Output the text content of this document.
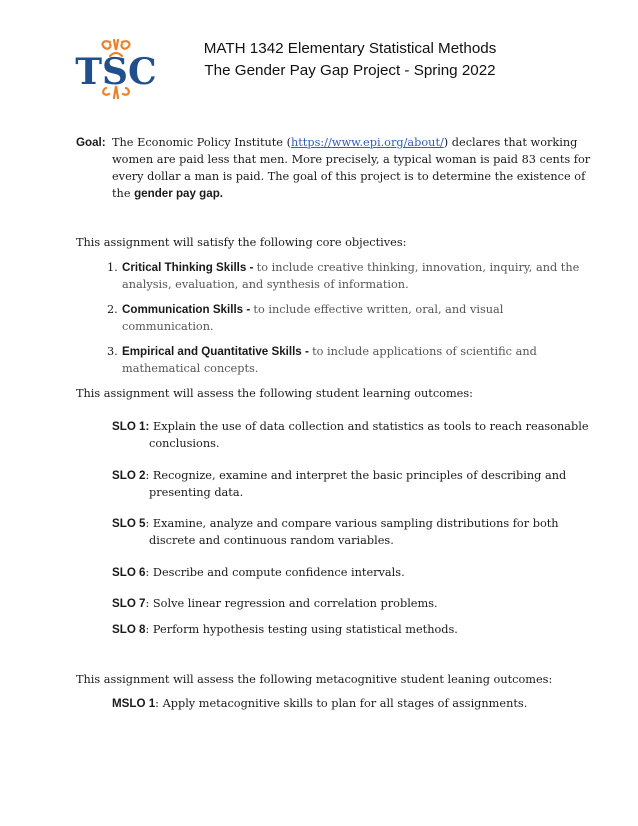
TSC
MATH 1342 Elementary Statistical Methods
The Gender Pay Gap Project - Spring 2022
Goal: The Economic Policy Institute (https://www.epi.org/about/) declares that working
women are paid less that men. More precisely, a typical woman is paid 83 cents for
every dollar a man is paid. The goal of this project is to determine the existence of
the gender pay gap.
This assignment will satisfy the following core objectives:
1. Critical Thinking Skills - to include creative thinking, innovation, inquiry, and the
analysis, evaluation, and synthesis of information.
2. Communication Skills - to include effective written, oral, and visual
communication.
3. Empirical and Quantitative Skills - to include applications of scientific and
mathematical concepts.
This assignment will assess the following student learning outcomes:
SLO 1: Explain the use of data collection and statistics as tools to reach reasonable
conclusions.
SLO 2: Recognize, examine and interpret the basic principles of describing and
presenting data.
SLO 5: Examine, analyze and compare various sampling distributions for both
discrete and continuous random variables.
SLO 6: Describe and compute confidence intervals.
SLO 7: Solve linear regression and correlation problems.
SLO 8: Perform hypothesis testing using statistical methods.
This assignment will assess the following metacognitive student leaning outcomes:
MSLO 1: Apply metacognitive skills to plan for all stages of assignments.
